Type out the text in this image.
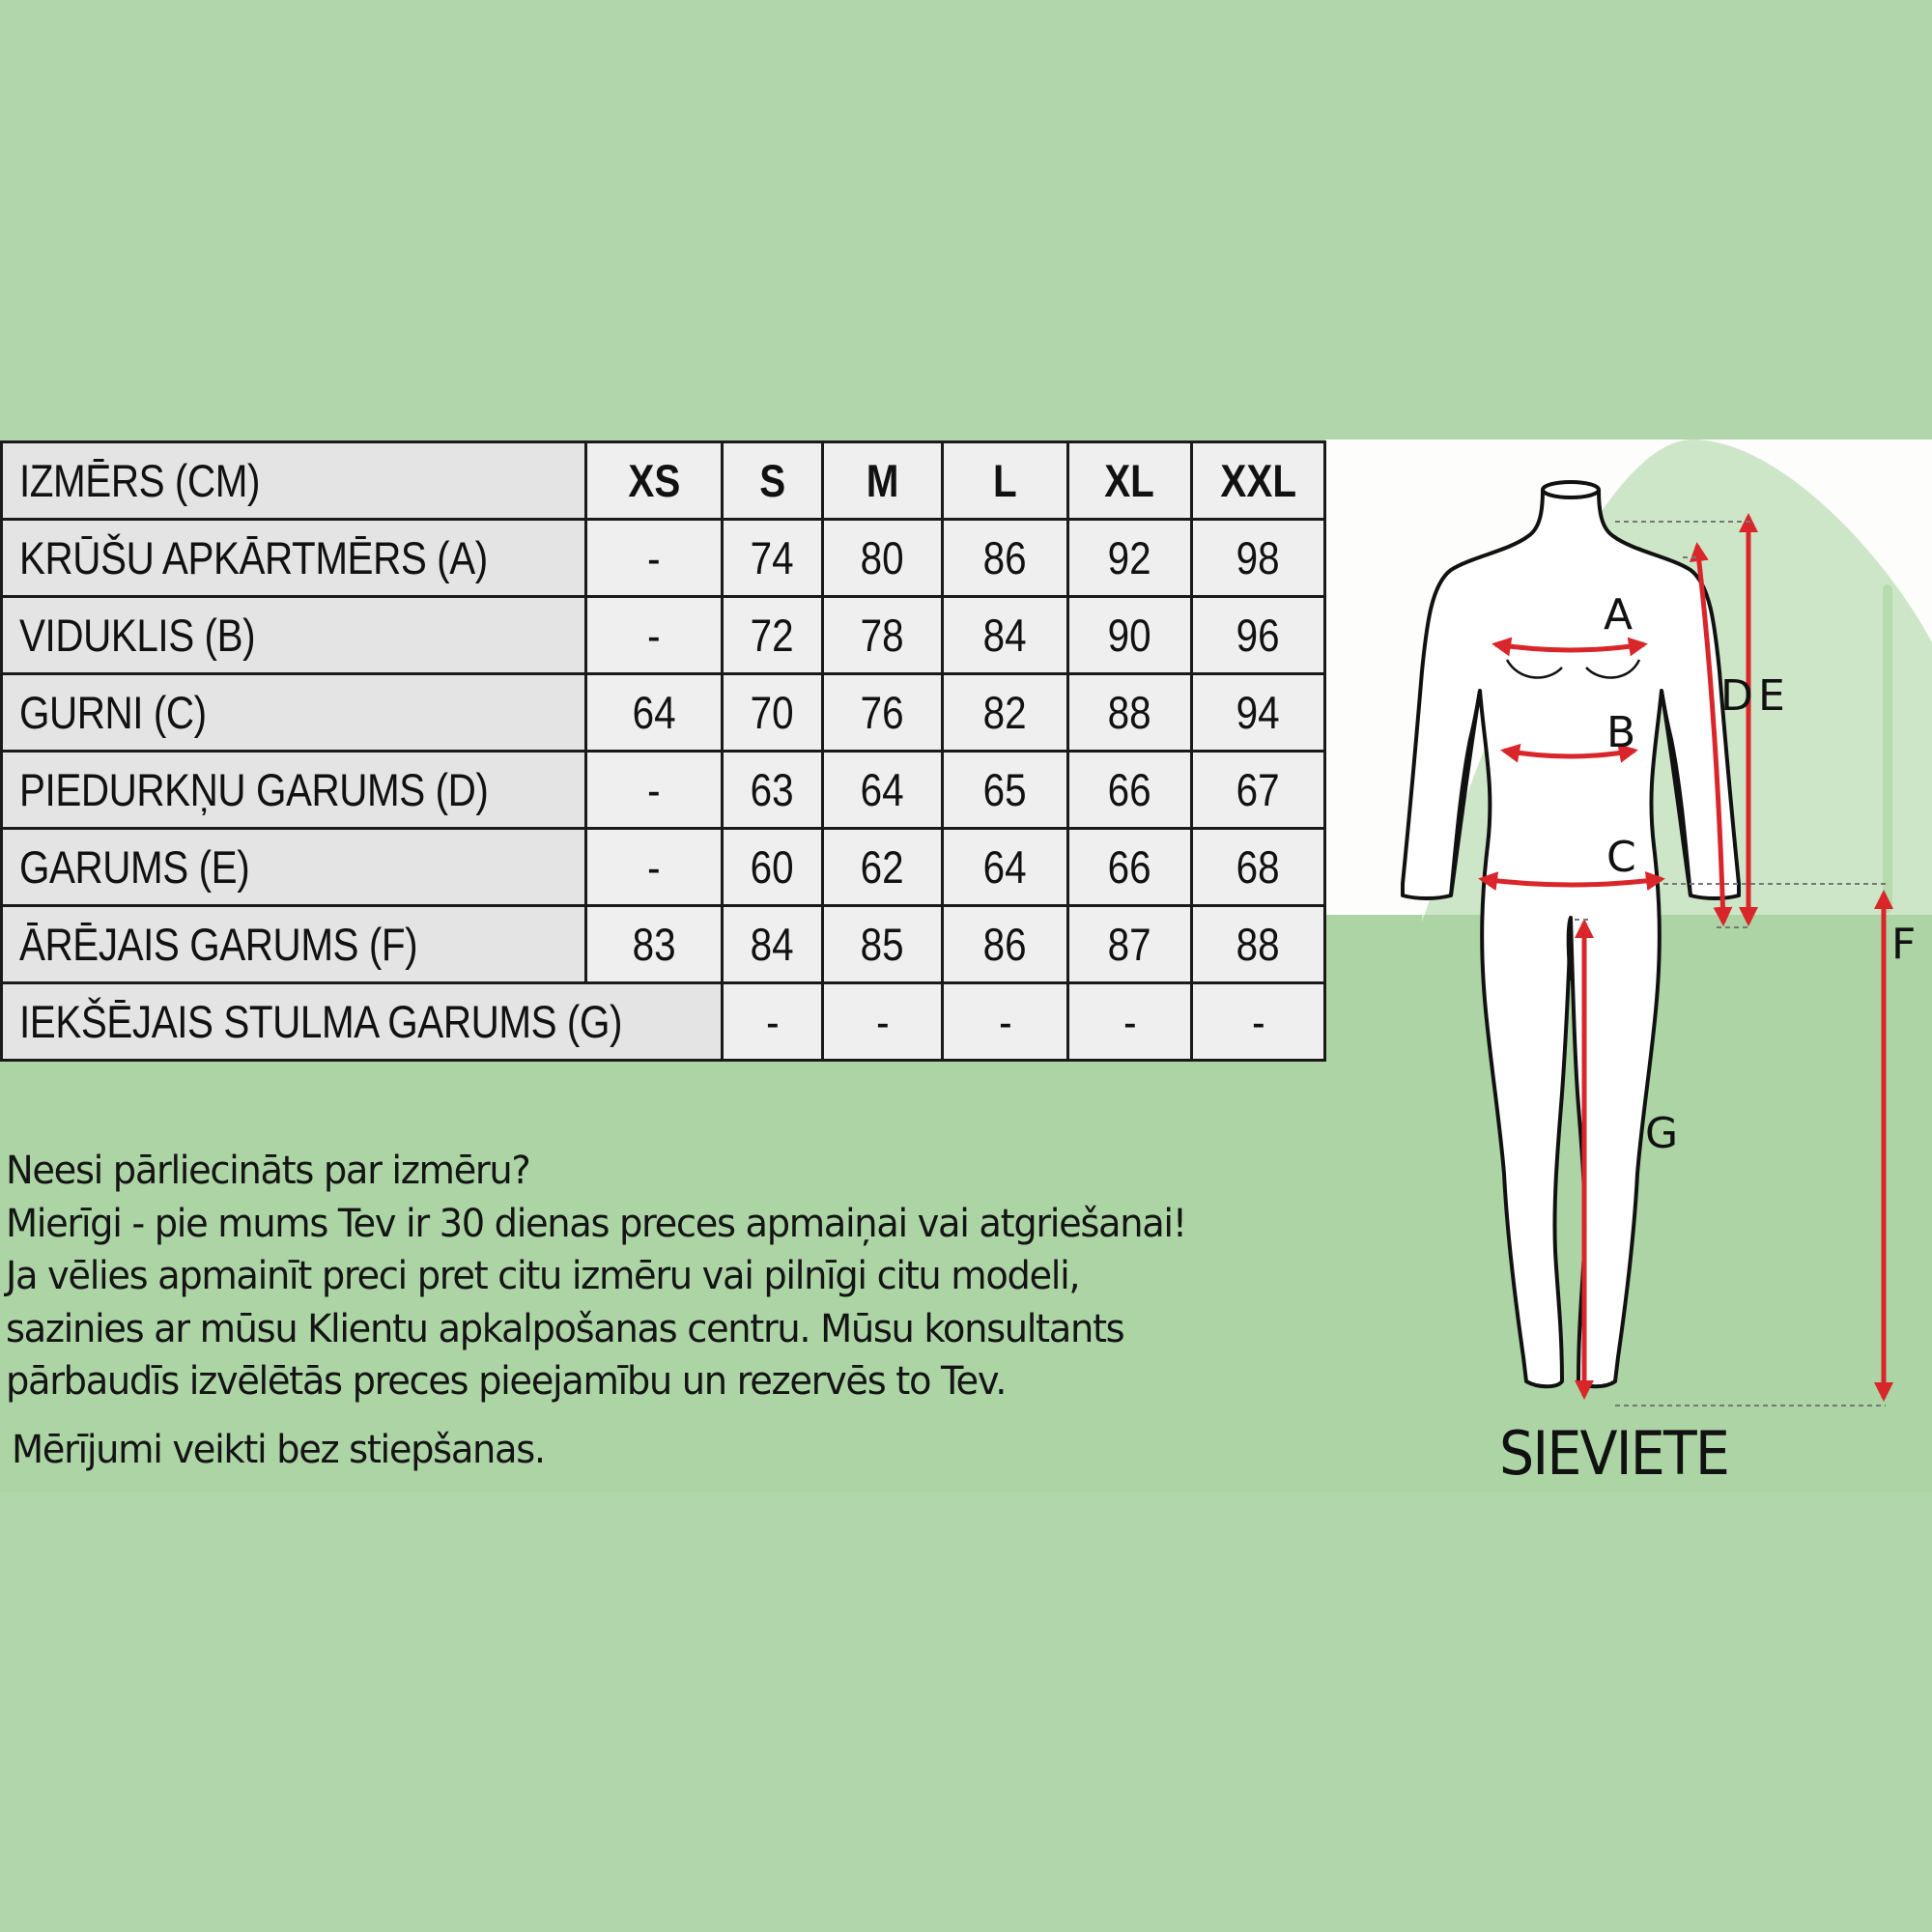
IZMĒRS (CM)	XS	S	M	L	XL	XXL
KRŪŠU APKĀRTMĒRS (A)	-	74	80	86	92	98
VIDUKLIS (B)	-	72	78	84	90	96
GURNI (C)	64	70	76	82	88	94
PIEDURKŅU GARUMS (D)	-	63	64	65	66	67
GARUMS (E)	-	60	62	64	66	68
ĀRĒJAIS GARUMS (F)	83	84	85	86	87	88
IEKŠĒJAIS STULMA GARUMS (G)		-	-	-	-	-
Neesi pārliecināts par izmēru?
Mierīgi - pie mums Tev ir 30 dienas preces apmaiņai vai atgriešanai!
Ja vēlies apmainīt preci pret citu izmēru vai pilnīgi citu modeli,
sazinies ar mūsu Klientu apkalpošanas centru. Mūsu konsultants
pārbaudīs izvēlētās preces pieejamību un rezervēs to Tev.
Mērījumi veikti bez stiepšanas.
A
B
C
D E
F
G
SIEVIETE
